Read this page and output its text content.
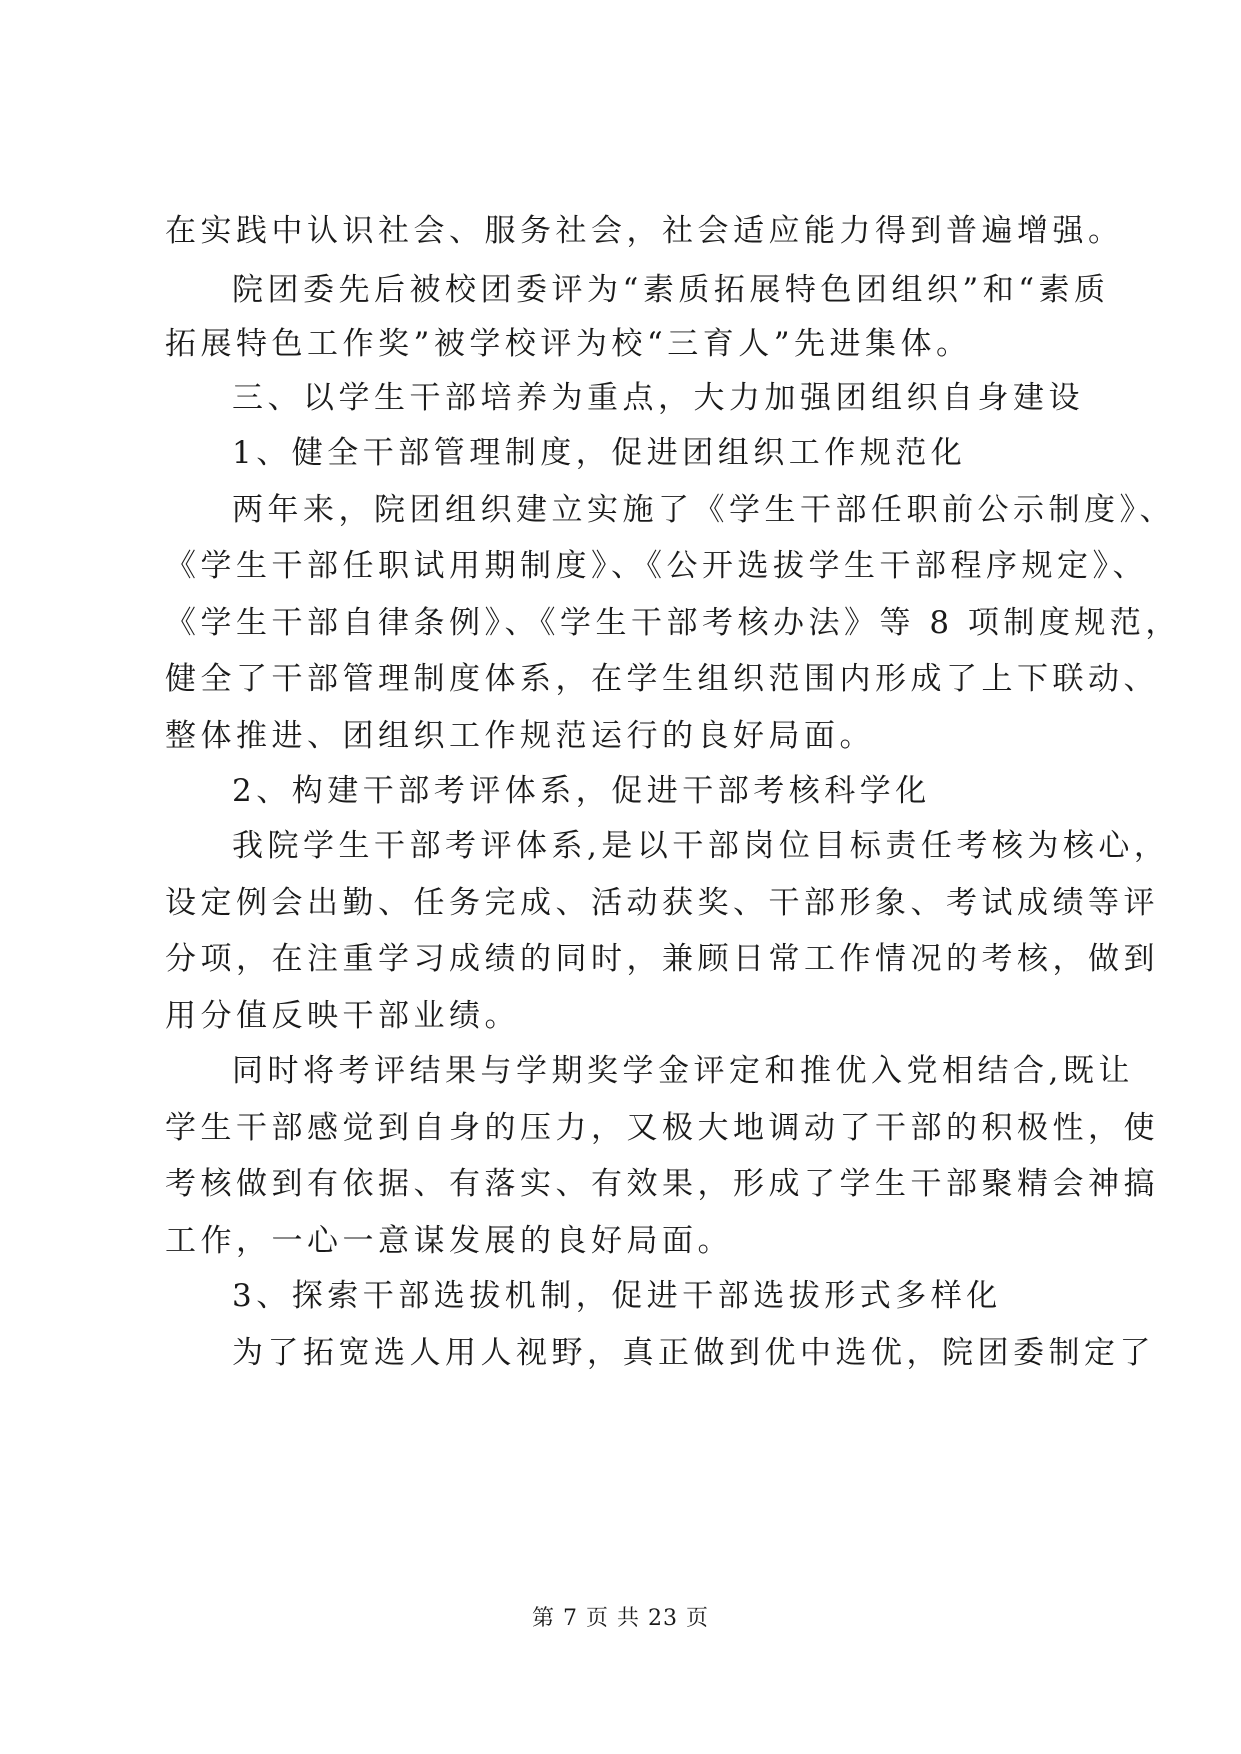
在实践中认识社会、服务社会，社会适应能力得到普遍增强。

院团委先后被校团委评为“素质拓展特色团组织”和“素质

拓展特色工作奖”被学校评为校“三育人”先进集体。

三、以学生干部培养为重点，大力加强团组织自身建设

1、健全干部管理制度，促进团组织工作规范化

两年来，院团组织建立实施了《学生干部任职前公示制度》、

《学生干部任职试用期制度》、《公开选拔学生干部程序规定》、

《学生干部自律条例》、《学生干部考核办法》等 8 项制度规范，

健全了干部管理制度体系，在学生组织范围内形成了上下联动、

整体推进、团组织工作规范运行的良好局面。

2、构建干部考评体系，促进干部考核科学化

我院学生干部考评体系,是以干部岗位目标责任考核为核心，

设定例会出勤、任务完成、活动获奖、干部形象、考试成绩等评

分项，在注重学习成绩的同时，兼顾日常工作情况的考核，做到

用分值反映干部业绩。

同时将考评结果与学期奖学金评定和推优入党相结合,既让

学生干部感觉到自身的压力，又极大地调动了干部的积极性，使

考核做到有依据、有落实、有效果，形成了学生干部聚精会神搞

工作，一心一意谋发展的良好局面。

3、探索干部选拔机制，促进干部选拔形式多样化

为了拓宽选人用人视野，真正做到优中选优，院团委制定了

第 7 页 共 23 页
